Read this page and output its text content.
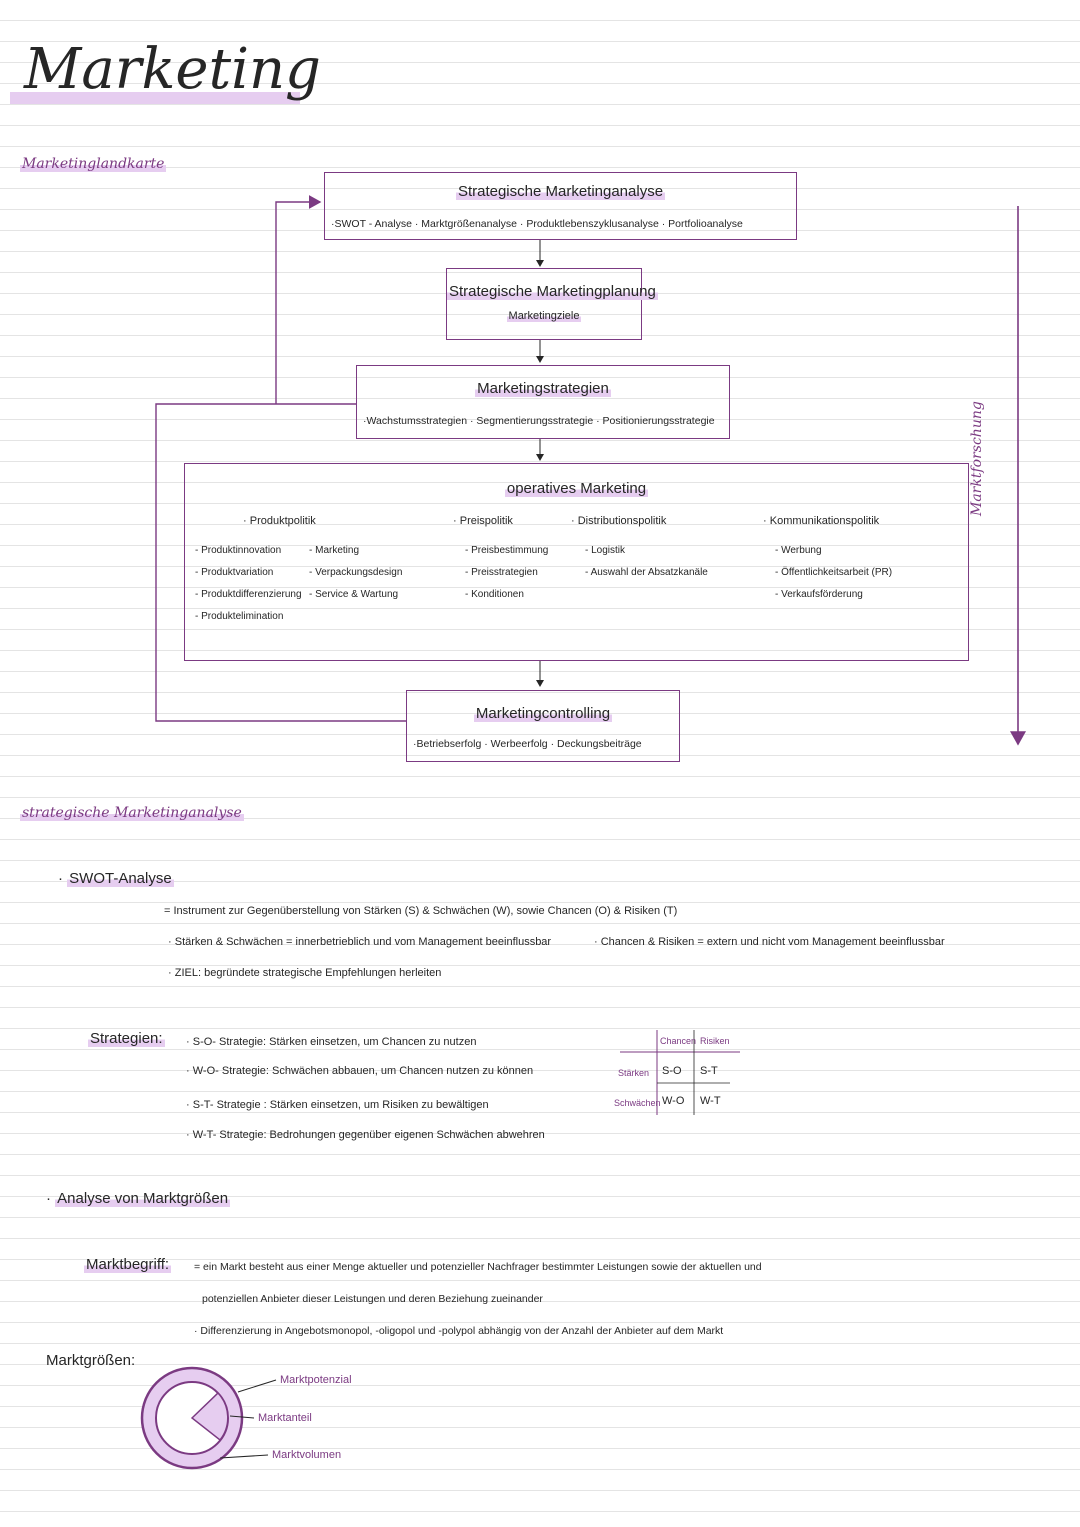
Marketing
Marketinglandkarte
Strategische Marketinganalyse
·SWOT - Analyse · Marktgrößenanalyse · Produktlebenszyklusanalyse · Portfolioanalyse
Strategische Marketingplanung
Marketingziele
Marketingstrategien
·Wachstumsstrategien · Segmentierungsstrategie · Positionierungsstrategie
operatives Marketing
· Produktpolitik
- Produktinnovation
- Produktvariation
- Produktdifferenzierung
- Produktelimination
- Marketing
- Verpackungsdesign
- Service & Wartung
· Preispolitik
- Preisbestimmung
- Preisstrategien
- Konditionen
· Distributionspolitik
- Logistik
- Auswahl der Absatzkanäle
· Kommunikationspolitik
- Werbung
- Öffentlichkeitsarbeit (PR)
- Verkaufsförderung
Marketingcontrolling
·Betriebserfolg · Werbeerfolg · Deckungsbeiträge
Marktforschung
strategische Marketinganalyse
· SWOT-Analyse
= Instrument zur Gegenüberstellung von Stärken (S) & Schwächen (W), sowie Chancen (O) & Risiken (T)
· Stärken & Schwächen = innerbetrieblich und vom Management beeinflussbar	· Chancen & Risiken = extern und nicht vom Management beeinflussbar
· ZIEL: begründete strategische Empfehlungen herleiten
Strategien: · S-O- Strategie: Stärken einsetzen, um Chancen zu nutzen
· W-O- Strategie: Schwächen abbauen, um Chancen nutzen zu können
· S-T- Strategie : Stärken einsetzen, um Risiken zu bewältigen
· W-T- Strategie: Bedrohungen gegenüber eigenen Schwächen abwehren
Chancen Risiken
Stärken
Schwächen
S-O S-T
W-O W-T
· Analyse von Marktgrößen
Marktbegriff: = ein Markt besteht aus einer Menge aktueller und potenzieller Nachfrager bestimmter Leistungen sowie der aktuellen und
potenziellen Anbieter dieser Leistungen und deren Beziehung zueinander
· Differenzierung in Angebotsmonopol, -oligopol und -polypol abhängig von der Anzahl der Anbieter auf dem Markt
Marktgrößen:
Marktpotenzial
Marktanteil
Marktvolumen
